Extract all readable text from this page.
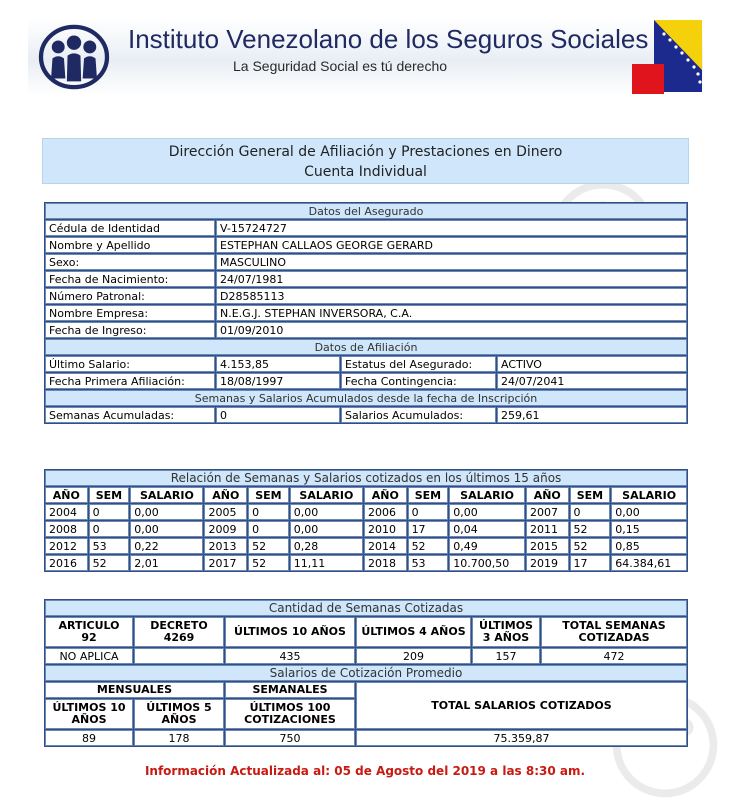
Instituto Venezolano de los Seguros Sociales
La Seguridad Social es tú derecho
Dirección General de Afiliación y Prestaciones en Dinero
Cuenta Individual
Datos del Asegurado			
Cédula de Identidad	V-15724727		
Nombre y Apellido	ESTEPHAN CALLAOS GEORGE GERARD		
Sexo:	MASCULINO		
Fecha de Nacimiento:	24/07/1981		
Número Patronal:	D28585113		
Nombre Empresa:	N.E.G.J. STEPHAN INVERSORA, C.A.		
Fecha de Ingreso:	01/09/2010		
Datos de Afiliación			
Último Salario:	4.153,85	Estatus del Asegurado:	ACTIVO
Fecha Primera Afiliación:	18/08/1997	Fecha Contingencia:	24/07/2041
Semanas y Salarios Acumulados desde la fecha de Inscripción			
Semanas Acumuladas:	0	Salarios Acumulados:	259,61
Relación de Semanas y Salarios cotizados en los últimos 15 años											
AÑO	SEM	SALARIO	AÑO	SEM	SALARIO	AÑO	SEM	SALARIO	AÑO	SEM	SALARIO
2004	0	0,00	2005	0	0,00	2006	0	0,00	2007	0	0,00
2008	0	0,00	2009	0	0,00	2010	17	0,04	2011	52	0,15
2012	53	0,22	2013	52	0,28	2014	52	0,49	2015	52	0,85
2016	52	2,01	2017	52	11,11	2018	53	10.700,50	2019	17	64.384,61
Cantidad de Semanas Cotizadas					
ARTICULO 92	DECRETO 4269	ÚLTIMOS 10 AÑOS	ÚLTIMOS 4 AÑOS	ÚLTIMOS 3 AÑOS	TOTAL SEMANAS COTIZADAS
NO APLICA		435	209	157	472
Salarios de Cotización Promedio					
MENSUALES		SEMANALES	TOTAL SALARIOS COTIZADOS		
ÚLTIMOS 10 AÑOS	ÚLTIMOS 5 AÑOS	ÚLTIMOS 100 COTIZACIONES			
89	178	750	75.359,87		
Información Actualizada al: 05 de Agosto del 2019 a las 8:30 am.
